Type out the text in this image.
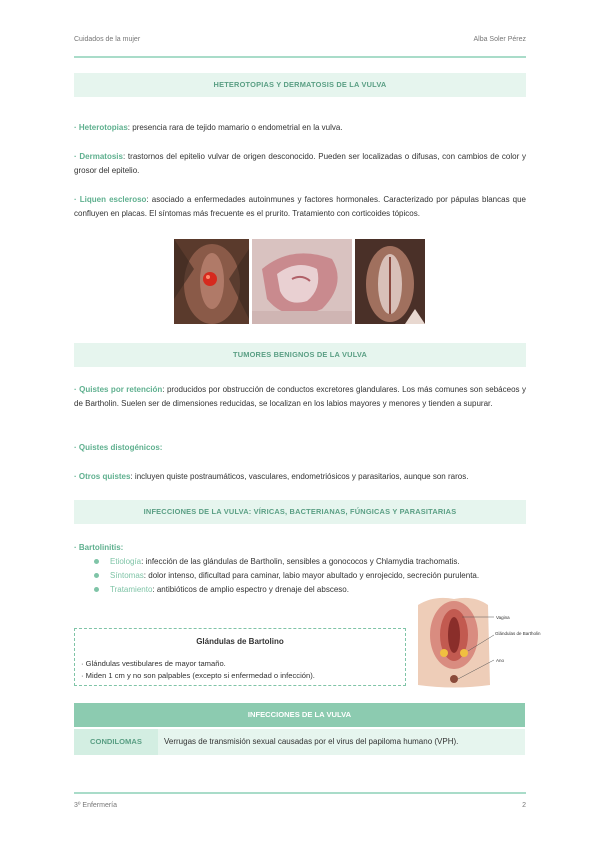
Cuidados de la mujer	Alba Soler Pérez
HETEROTOPIAS Y DERMATOSIS DE LA VULVA
· Heterotopias: presencia rara de tejido mamario o endometrial en la vulva.
· Dermatosis: trastornos del epitelio vulvar de origen desconocido. Pueden ser localizadas o difusas, con cambios de color y grosor del epitelio.
· Liquen escleroso: asociado a enfermedades autoinmunes y factores hormonales. Caracterizado por pápulas blancas que confluyen en placas. El síntomas más frecuente es el prurito. Tratamiento con corticoides tópicos.
TUMORES BENIGNOS DE LA VULVA
· Quistes por retención: producidos por obstrucción de conductos excretores glandulares. Los más comunes son sebáceos y de Bartholin. Suelen ser de dimensiones reducidas, se localizan en los labios mayores y menores y tienden a supurar.
· Quistes distogénicos:
· Otros quistes: incluyen quiste postraumáticos, vasculares, endometriósicos y parasitarios, aunque son raros.
INFECCIONES DE LA VULVA: VÍRICAS, BACTERIANAS, FÚNGICAS Y PARASITARIAS
· Bartolinitis:
Etiología: infección de las glándulas de Bartholin, sensibles a gonococos y Chlamydia trachomatis.
Síntomas: dolor intenso, dificultad para caminar, labio mayor abultado y enrojecido, secreción purulenta.
Tratamiento: antibióticos de amplio espectro y drenaje del absceso.
Vagina
Glándulas de Bartholin
Ano
Glándulas de Bartolino
· Glándulas vestibulares de mayor tamaño.
· Miden 1 cm y no son palpables (excepto si enfermedad o infección).
INFECCIONES DE LA VULVA
CONDILOMAS	Verrugas de transmisión sexual causadas por el virus del papiloma humano (VPH).
3º Enfermería	2
